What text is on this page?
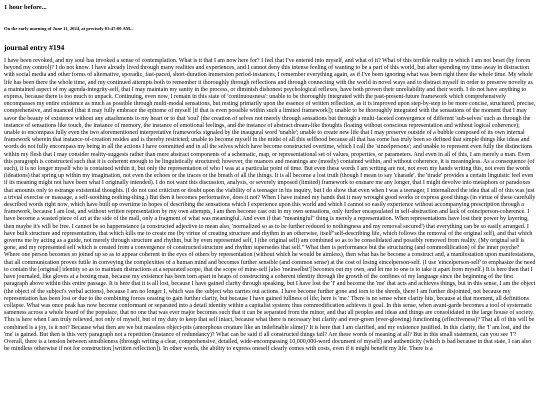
1 hour before...

On the early morning of June 11, 2024, at precisely 01:47:00 AM...

journal entry #194

I have been revoked, and my soul has invoked a sense of contemplation. What is it that I am now here for? I feel that I've entered into myself, and what of it? What of this terrible reality in which I am not beset (by forces beyond my control)? I do not know. I have already lived through many realities and experiences, and I cannot deny this intense feeling of wanting to be a part of this world, but after spending my time away in distraction with social media and other forms of alternative, sporadic, fast-paced, short-duration immersion period-instances, I remember everything again, as if I've been ignoring what was been right there the whole time. My whole life has been there the whole time, and my continued attempts both to remember it thoroughly through reflections and through connecting with the world in novel ways and to distract myself in order to preserve novelty as a maintained aspect of my agenda-integrity-self, that I may maintain my sanity in the process, or diminish dishonest psychological reflexes, have both proven their unreliability and their worth. I do not have anything to express, because there is too much to unpack. Continuing, even now, I remain in this state of 'continuousness': unable to be thoroughly integrated with the past-present-future framework which comprehensively encompasses my entire existence as much as possible through multi-modal sensations, but resting primarily upon the essence of written reflection, as it is improved upon step-by-step to be more concise, structured, precise, comprehensive, and nuanced (that it may fully embrace the epitome of myself [if that is even possible within such a limited framework]); unable to be thoroughly integrated with the sensations of the moment that I may savor the beauty of existence without any attachments to my heart or to that 'soul' (the creation of selves not merely through sensations but through a multi-faceted convergence of different 'sub-selves' such as through the instance of sensations like touch, the instance of memory, the instance of emotional feelings, and the instance of abstract dream-like thoughts floating without conscious representation and without logical coherence); unable to encompass fully even the two aforementioned interpretative frameworks signaled by the inaugural word 'unable'; unable to create new life that I may preserve outside of a bubble composed of its own internal framework wherein that instance-of-creation resides and is thereby restricted; unable to become myself in the midst of all this selfhood because all that has come has truly been so defined that simple things like ideas and words do not fully encompass my being in all the actions I have committed and in all the selves which have become constructed overtime, which I call the 'sincelpersons'; and unable to represent even fully the distinctions within my flesh that I may consider reality-suggests rather than mere abstract components of a schematic, map, or representational set of values, properties, or parameters. And even in all of this, I am merely a man. Even this paragraph is constructed such that it is coherent enough to be linguistically structured; however, the nuances and meanings are (mostly) contained within, and without coherence, it is meaningless. As a consequence (of such), it is no longer myself who is contained within it, but only the representation of who I was at a particular point of time. But even these words I am writing are not, not even my hands writing this, not even the words (ideations) that spring up within my imagination, not even the echoes or the traces or the breath of all the things. It is all become a lost truth (though I mean to say 'charade'. the 'tirade' provides a certain linguistic feel even if its meaning might not have been what I originally intended). I do not want this discussion, analysis, or severely imposed (limited) framework to ensnare me any longer, that I might devolve into metaphors or paradoxes that amounts only to estrange existential thoughts. (I do not cast criticism or doubt upon the viability of a teenager in his inquiry, but I do show that even when I was a teenager, I internalized the idea that all of this was just a trivial exercise or massage, a self-soothing nothing-thing.) But then it becomes performative, does it not? When I have trained my hands that it may wrought good works or express good things (in virtue of these carefully described words right now, which have built up overtime in hopes of describing the sensations which I experience upon this world and which I cannot so easily experience without accompanying prescription through a framework, because I am lost, and without written representation by my own attempts, I am then become cast out in my own sensations, only further encapsulated in self-abstraction and lack of coinciperson-coherence. I have become a wasted piece of art at the side of the mall, only a fragment of what was meaningful. And even if that "meaningful" thing is merely a representation. When representations have lost their power by layering, then maybe it's will be free. I cannot be so happenstance (a constructed adjective to mean also, 'normalized so as to be further reduced to nothingness and my removal secured') that everything can be so easily arranged. I have built structure and representation, that which kills me to create me (by virtue of creating structure and rhythm in an otherwise, itself"self-describing life, which follows the removal of the original self), and that which governs me by acting as a guide, not merely through structure and rhythm, but by even represented self, I (the original self) am combined so as to be consolidated and possibly removed from reality. (My original self is gone, and my represented self which is created from a convergence of constructed structure and rhythm supersedes that self." What then is performance but the structuring (and commodification) of the inner psyche? Where one person becomes so joined up so as to appear coherent in the eyes of others by representation (without which he would be aimless), then what has he become a construct and, a manifestation upon manifestations, that all communication proves futile in conveying the complexities of a human mind and becomes further sensible (and common sense) at the cost of losing eincelperson-self. (I use 'eincelperson-self' to emphasize the need to contain the [original] identity so as to maintain distractions at a separated scope, that the scope of mine-self [also 'meinselbst'] becomes out my own, and let me to one is to take it apart from myself.) It is here then that I have journaled, like gloves at a boxing man, because my existence has been torn apart in heaps of constructing a coherent identity through the growth of the confines of my language since the beginning of the first paragraph above within this entire passage. It is here that it is all lost, because I have gained clarity through speaking, but I have lost the 'I' and become the 'me' that acts and achieves things, but in this sense, I am the object (the object of the subject's verbal actions), because I am no longer I, which was the subject who carries out actions. I have become further gone and torn to the shreds, there I am further disjointed, not because my representation has been lost or due to the combining forces ceasing to gain further clarity, but because I have gained fullness of life; here is 'me.' There is no sense when clarity hits, because at that moment, all definitions collapse. What was once peak has now become conformant or separated into a detail identity within a capitalist system; thus commodification achieves it goal. In this sense, when avant-garde becomes a tool of systematic sameness across a whole board of the populace, that no one that was ever major becomes such that it can be separated from the minor, and that all peoples and ideas and things are consolidated in the large house of society. This is here when I am truly relieved, not only of myself, but of my duty to keep that self intact, because what there is necessary but clarity and ever-green (ever-glowing) functioning (effectiveness)? That all of this will be combined is a joy, is it not? Because what then are we but massless object-pits (amorphous creature like an indefinable slime)? It is here that I am clarified, and my existence justified. In this clarity, the 'I' am lost, and the 'me' is gained. But then is this very paragraph not a repetition (instance of redundancy)? What can be said if all constructed things fail? Are these words of meaning at all? But in this small statement, can you see 'I'? Overall, there is a tension between sensibleness (through writing a clear, comprehensive, detailed, wide-encompassing 10,000,000-word document of myself) and authenticity (which is bad because in that state, I can also be mindless otherwise if not for construction [written reflection]). In other words, the ability to express oneself clearly comes with costs, even if it might benefit my life. There is a
